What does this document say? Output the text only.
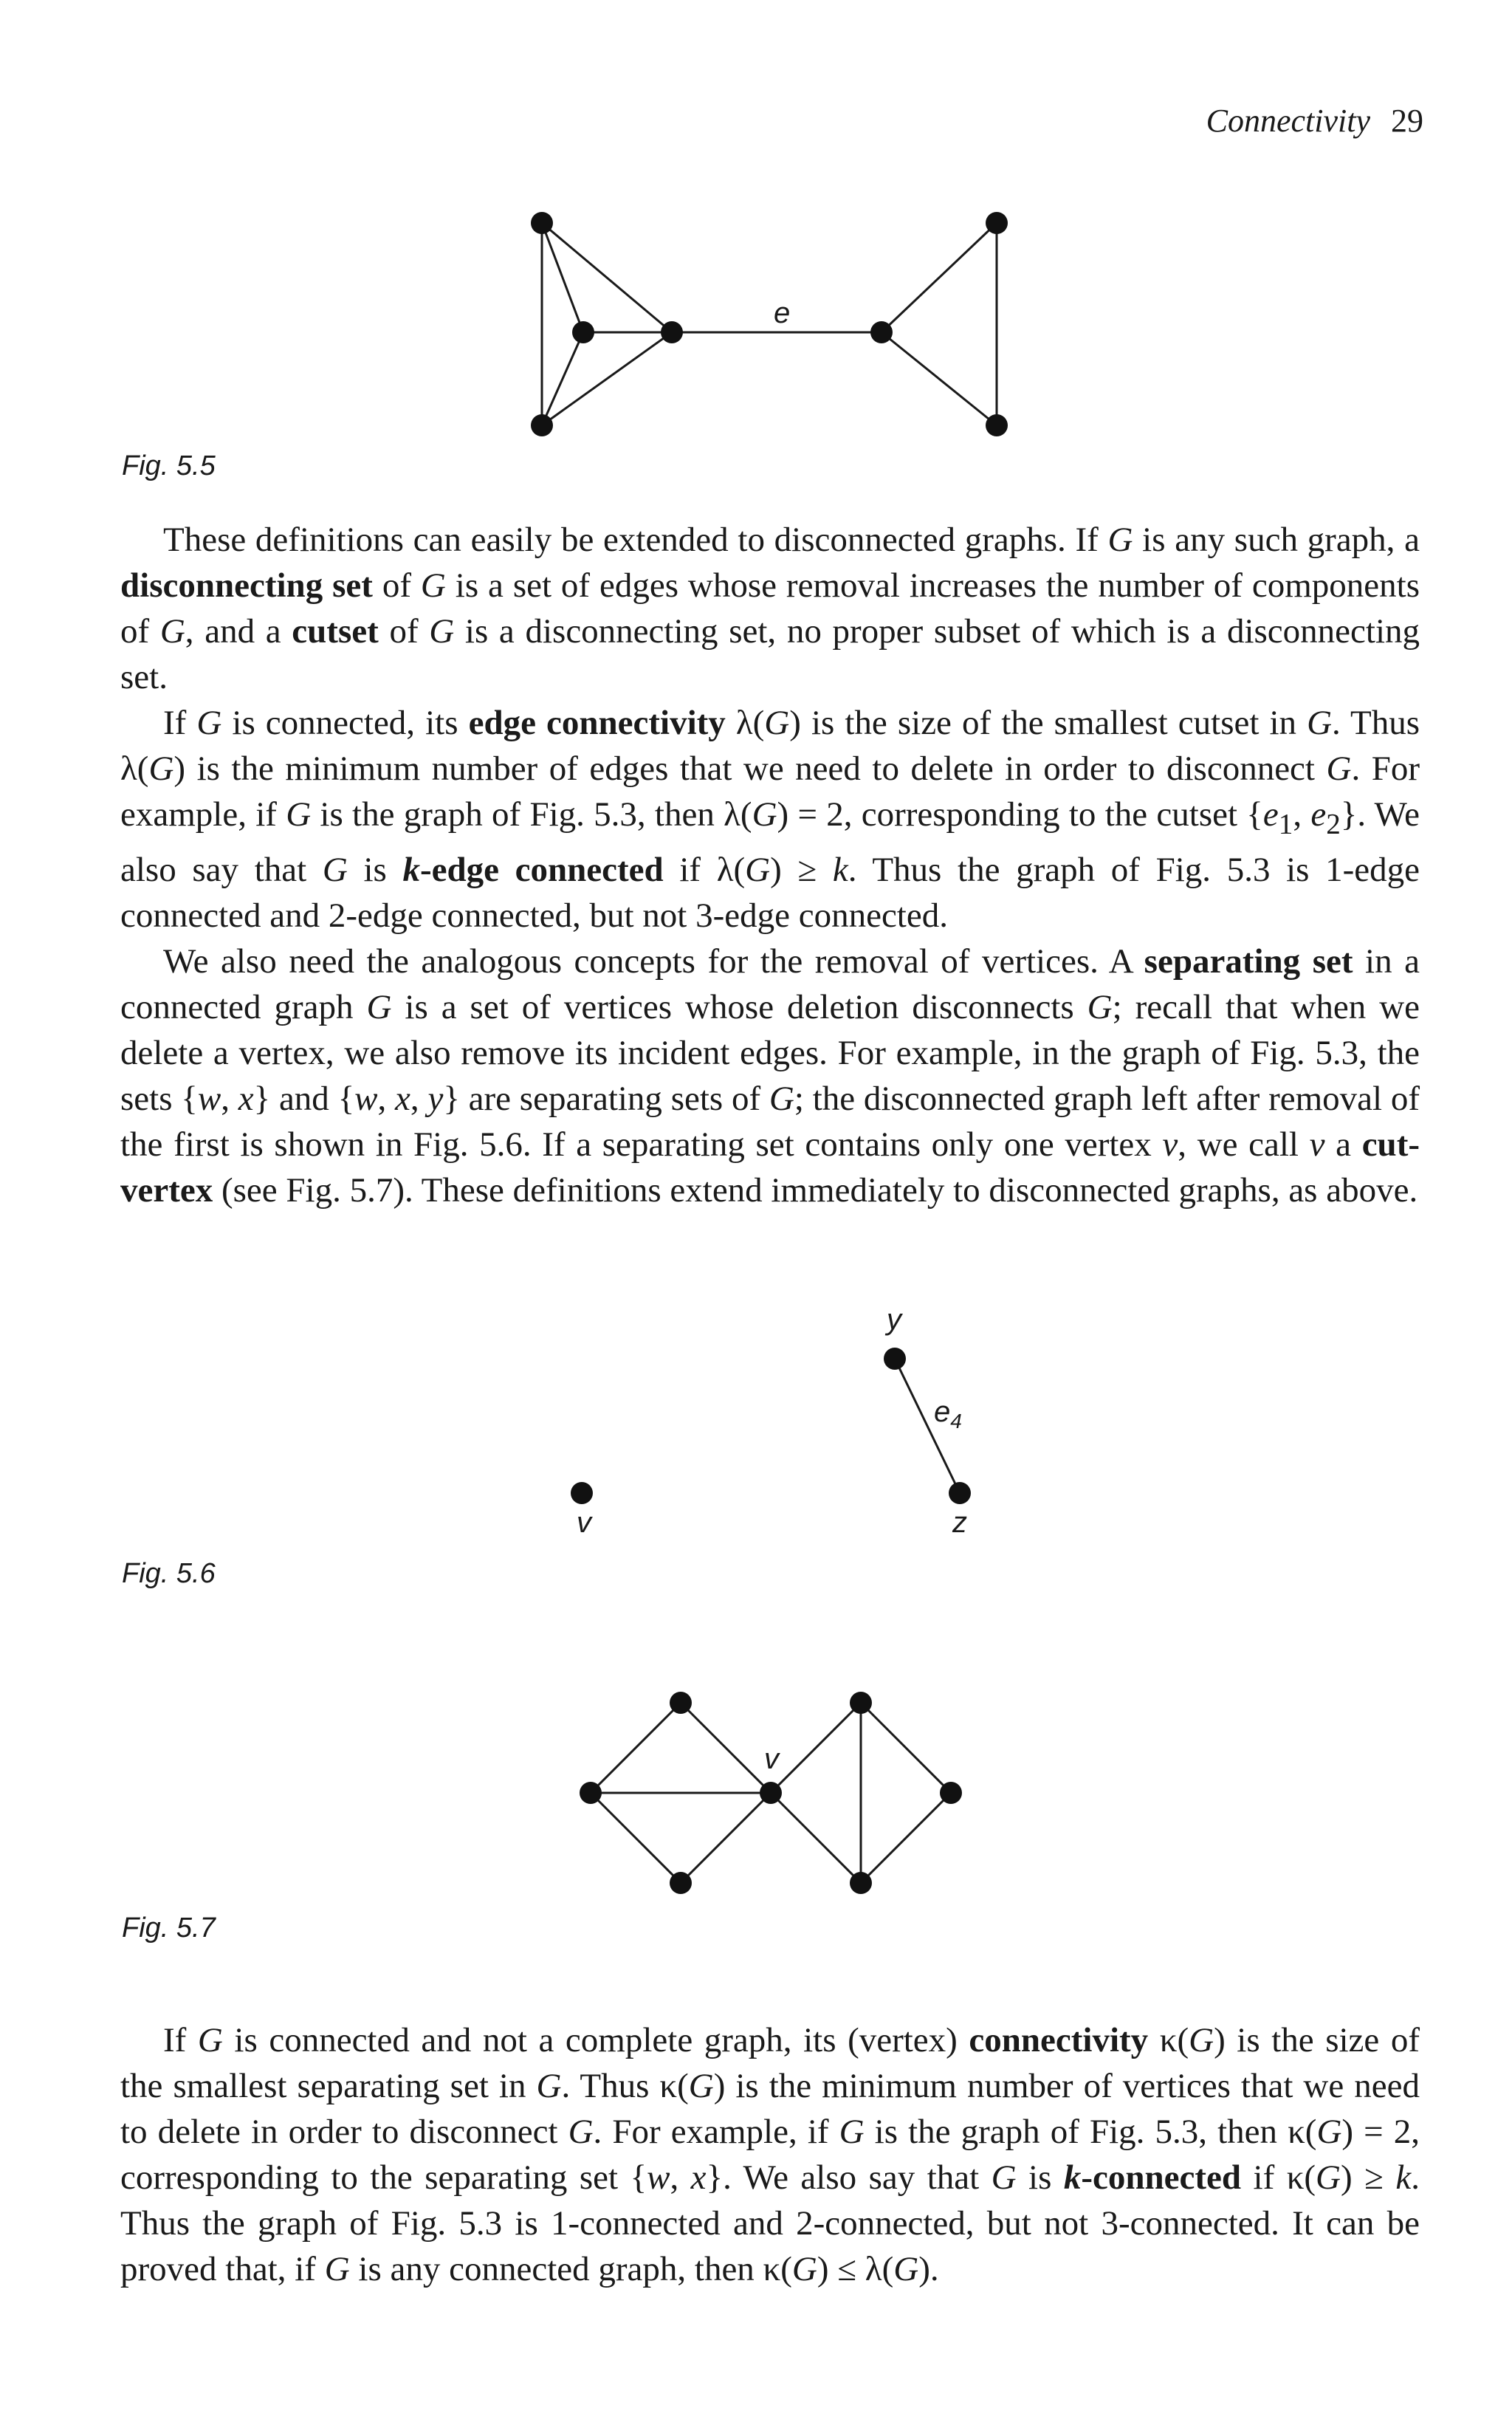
Connectivity 29
e
Fig. 5.5

These definitions can easily be extended to disconnected graphs. If G is any such graph, a disconnecting set of G is a set of edges whose removal increases the number of components of G, and a cutset of G is a disconnecting set, no proper subset of which is a disconnecting set.

If G is connected, its edge connectivity λ(G) is the size of the smallest cutset in G. Thus λ(G) is the minimum number of edges that we need to delete in order to disconnect G. For example, if G is the graph of Fig. 5.3, then λ(G) = 2, corresponding to the cutset {$e_1$, $e_2$}. We also say that G is k-edge connected if λ(G) ≥ k. Thus the graph of Fig. 5.3 is 1-edge connected and 2-edge connected, but not 3-edge connected.

We also need the analogous concepts for the removal of vertices. A separating set in a connected graph G is a set of vertices whose deletion disconnects G; recall that when we delete a vertex, we also remove its incident edges. For example, in the graph of Fig. 5.3, the sets {w, x} and {w, x, y} are separating sets of G; the disconnected graph left after removal of the first is shown in Fig. 5.6. If a separating set contains only one vertex v, we call v a cut-vertex (see Fig. 5.7). These definitions extend immediately to disconnected graphs, as above.

y
$e_4$
v	z
Fig. 5.6
v
Fig. 5.7

If G is connected and not a complete graph, its (vertex) connectivity κ(G) is the size of the smallest separating set in G. Thus κ(G) is the minimum number of vertices that we need to delete in order to disconnect G. For example, if G is the graph of Fig. 5.3, then κ(G) = 2, corresponding to the separating set {w, x}. We also say that G is k-connected if κ(G) ≥ k. Thus the graph of Fig. 5.3 is 1-connected and 2-connected, but not 3-connected. It can be proved that, if G is any connected graph, then κ(G) ≤ λ(G).
